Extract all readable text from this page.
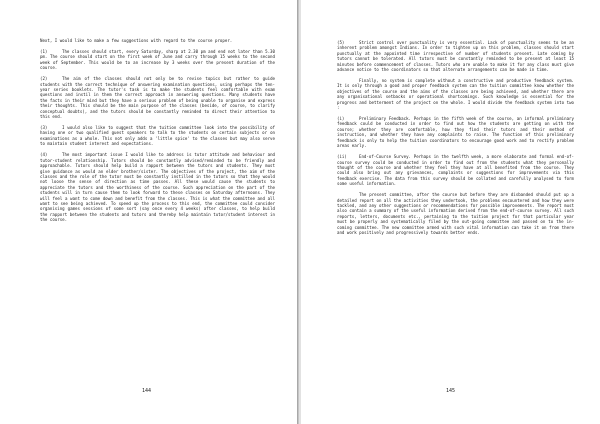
Next, I would like to make a few suggestions with regard to the course proper.

(1)	The classes should start, every Saturday, sharp at 2.30 pm and end not later than 5.30 pm. The course should start on the first week of June and carry through 15 weeks to the second week of September. This would be to an increase by 3 weeks over the present duration of the course.

(2)	The aim of the classes should not only be to revise topics but rather to guide students with the correct technique of answering examination questions, using perhaps the ten-year series booklets. The tutor's task is to make the students feel comfortable with exam questions and instil in them the correct approach in answering questions. Many students have the facts in their mind but they have a serious problem of being unable to organise and express their thoughts. This should be the main purpose of the classes (beside, of course, to clarify conceptual doubts), and the tutors should be constantly reminded to direct their attention to this end.

(3)	I would also like to suggest that the tuition committee look into the possibility of having one or two qualified guest speakers to talk to the students on certain subjects or on examinations as a whole. This not only adds a 'little spice' to the classes but may also serve to maintain student interest and expectations.

(4)	The most important issue I would like to address is tutor attitude and behaviour and tutor-student relationship. Tutors should be constantly advised/reminded to be friendly and approachable. Tutors should help build a rapport between the tutors and students. They must give guidance as would an elder brother/sister. The objectives of the project, the aim of the classes and the role of the tutor must be constantly instilled in the tutors so that they would not loose the sense of direction as time passes. All these would cause the students to appreciate the tutors and the worthiness of the course. Such appreciation on the part of the students will in turn cause them to look forward to these classes on Saturday afternoons. They will feel a want to come down and benefit from the classes. This is what the committee and all want to see being achieved. To speed up the process to this end, the committee could consider organising games sessions of some sort (say once every 4 weeks) after classes, to help build the rapport between the students and tutors and thereby help maintain tutor/student interest in the course.

144

(5)	Strict control over punctuality is very essential. Lack of punctuality seems to be an inherent problem amongst Indians. In order to tighten up on this problem, classes should start punctually at the appointed time irrespective of number of students present. Late coming by tutors cannot be tolerated. All tutors must be constantly reminded to be present at least 15 minutes before commencement of classes. Tutors who are unable to make it for any class must give advance notice to the coordinators so that alternate arrangements can be made in time.

Finally, no system is complete without a constructive and productive feedback system. It is only through a good and proper feedback system can the tuition committee know whether the objectives of the course and the aims of the classes are being achieved, and whether there are any organisational setbacks or operational shortcomings. Such knowledge is essential for the progress and betterment of the project on the whole. I would divide the feedback system into two :

(i)	Preliminary Feedback. Perhaps in the fifth week of the course, an informal preliminary feedback could be conducted in order to find out how the students are getting on with the course; whether they are comfortable, how they find their tutors and their method of instruction, and whether they have any complaints to raise. The function of this preliminary feedback is only to help the tuition coordinators to encourage good work and to rectify problem areas early.

(ii)	End-of-Course Survey. Perhaps in the twelfth week, a more elaborate and formal end-of-course survey could be conducted in order to find out from the students what they personally thought of the course and whether they feel they have at all benefited from the course. They could also bring out any grievances, complaints or suggestions for improvements via this feedback exercise. The data from this survey should be collated and carefully analysed to form some useful information.

The present committee, after the course but before they are disbanded should put up a detailed report on all the activities they undertook, the problems encountered and how they were tackled, and any other suggestions or recommendations for possible improvements. The report must also contain a summary of the useful information derived from the end-of-course survey. All such reports, letters, documents etc., pertaining to the tuition project for that particular year must be properly and systematically filed by the out-going committee and passed on to the in-coming committee. The new committee armed with such vital information can take it on from there and work positively and progressively towards better ends.

145
